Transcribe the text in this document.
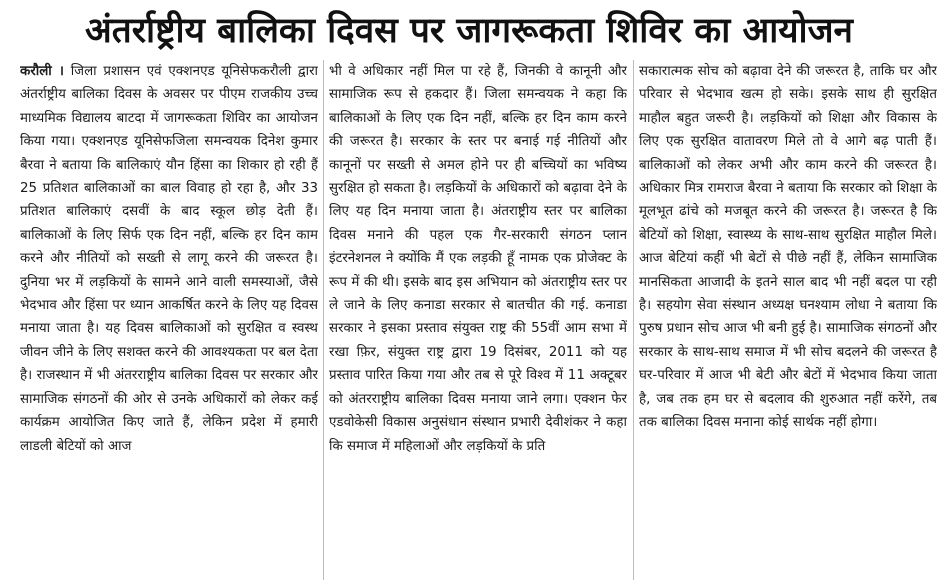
अंतर्राष्ट्रीय बालिका दिवस पर जागरूकता शिविर का आयोजन

करौली । जिला प्रशासन एवं एक्शनएड यूनिसेफकरौली द्वारा अंतर्राष्ट्रीय बालिका दिवस के अवसर पर पीएम राजकीय उच्च माध्यमिक विद्यालय बाटदा में जागरूकता शिविर का आयोजन किया गया। एक्शनएड यूनिसेफजिला समन्वयक दिनेश कुमार बैरवा ने बताया कि बालिकाएं यौन हिंसा का शिकार हो रही हैं 25 प्रतिशत बालिकाओं का बाल विवाह हो रहा है, और 33 प्रतिशत बालिकाएं दसवीं के बाद स्कूल छोड़ देती हैं। बालिकाओं के लिए सिर्फ एक दिन नहीं, बल्कि हर दिन काम करने और नीतियों को सख्ती से लागू करने की जरूरत है। दुनिया भर में लड़कियों के सामने आने वाली समस्याओं, जैसे भेदभाव और हिंसा पर ध्यान आकर्षित करने के लिए यह दिवस मनाया जाता है। यह दिवस बालिकाओं को सुरक्षित व स्वस्थ जीवन जीने के लिए सशक्त करने की आवश्यकता पर बल देता है। राजस्थान में भी अंतरराष्ट्रीय बालिका दिवस पर सरकार और सामाजिक संगठनों की ओर से उनके अधिकारों को लेकर कई कार्यक्रम आयोजित किए जाते हैं, लेकिन प्रदेश में हमारी लाडली बेटियों को आज

भी वे अधिकार नहीं मिल पा रहे हैं, जिनकी वे कानूनी और सामाजिक रूप से हकदार हैं। जिला समन्वयक ने कहा कि बालिकाओं के लिए एक दिन नहीं, बल्कि हर दिन काम करने की जरूरत है। सरकार के स्तर पर बनाई गई नीतियों और कानूनों पर सख्ती से अमल होने पर ही बच्चियों का भविष्य सुरक्षित हो सकता है। लड़कियों के अधिकारों को बढ़ावा देने के लिए यह दिन मनाया जाता है। अंतराष्ट्रीय स्तर पर बालिका दिवस मनाने की पहल एक गैर-सरकारी संगठन प्लान इंटरनेशनल ने क्योंकि मैं एक लड़की हूँ नामक एक प्रोजेक्ट के रूप में की थी। इसके बाद इस अभियान को अंतराष्ट्रीय स्तर पर ले जाने के लिए कनाडा सरकार से बातचीत की गई. कनाडा सरकार ने इसका प्रस्ताव संयुक्त राष्ट्र की 55वीं आम सभा में रखा फ़िर, संयुक्त राष्ट्र द्वारा 19 दिसंबर, 2011 को यह प्रस्ताव पारित किया गया और तब से पूरे विश्व में 11 अक्टूबर को अंतरराष्ट्रीय बालिका दिवस मनाया जाने लगा। एक्शन फेर एडवोकेसी विकास अनुसंधान संस्थान प्रभारी देवीशंकर ने कहा कि समाज में महिलाओं और लड़कियों के प्रति

सकारात्मक सोच को बढ़ावा देने की जरूरत है, ताकि घर और परिवार से भेदभाव खत्म हो सके। इसके साथ ही सुरक्षित माहौल बहुत जरूरी है। लड़कियों को शिक्षा और विकास के लिए एक सुरक्षित वातावरण मिले तो वे आगे बढ़ पाती हैं। बालिकाओं को लेकर अभी और काम करने की जरूरत है। अधिकार मित्र रामराज बैरवा ने बताया कि सरकार को शिक्षा के मूलभूत ढांचे को मजबूत करने की जरूरत है। जरूरत है कि बेटियों को शिक्षा, स्वास्थ्य के साथ-साथ सुरक्षित माहौल मिले। आज बेटियां कहीं भी बेटों से पीछे नहीं हैं, लेकिन सामाजिक मानसिकता आजादी के इतने साल बाद भी नहीं बदल पा रही है। सहयोग सेवा संस्थान अध्यक्ष घनश्याम लोधा ने बताया कि पुरुष प्रधान सोच आज भी बनी हुई है। सामाजिक संगठनों और सरकार के साथ-साथ समाज में भी सोच बदलने की जरूरत है घर-परिवार में आज भी बेटी और बेटों में भेदभाव किया जाता है, जब तक हम घर से बदलाव की शुरुआत नहीं करेंगे, तब तक बालिका दिवस मनाना कोई सार्थक नहीं होगा।
